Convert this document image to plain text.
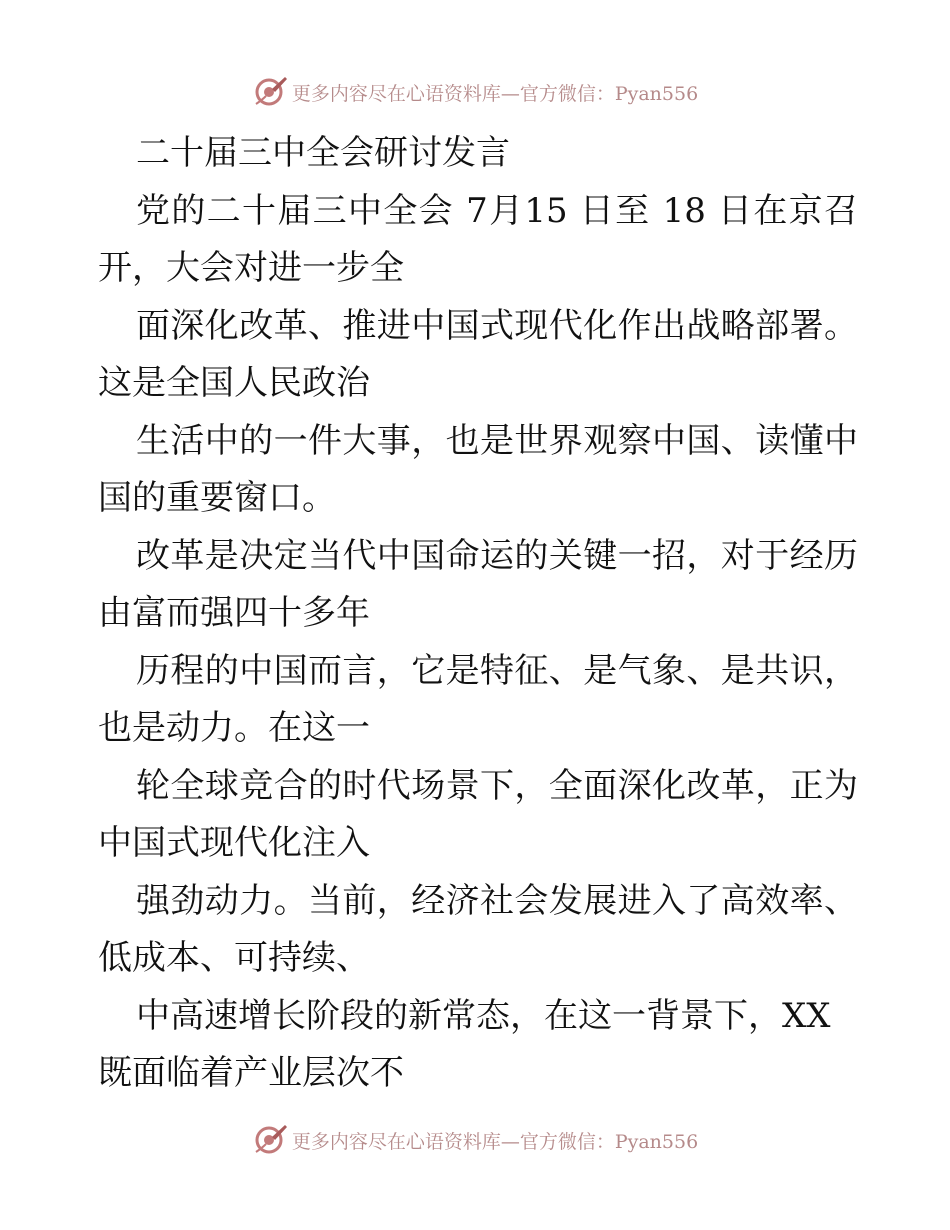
更多内容尽在心语资料库—官方微信：Pyan556
二十届三中全会研讨发言
党的二十届三中全会 7月15 日至 18 日在京召
开，大会对进一步全
面深化改革、推进中国式现代化作出战略部署。
这是全国人民政治
生活中的一件大事，也是世界观察中国、读懂中
国的重要窗口。
改革是决定当代中国命运的关键一招，对于经历
由富而强四十多年
历程的中国而言，它是特征、是气象、是共识，
也是动力。在这一
轮全球竞合的时代场景下，全面深化改革，正为
中国式现代化注入
强劲动力。当前，经济社会发展进入了高效率、
低成本、可持续、
中高速增长阶段的新常态，在这一背景下，XX
既面临着产业层次不
更多内容尽在心语资料库—官方微信：Pyan556
